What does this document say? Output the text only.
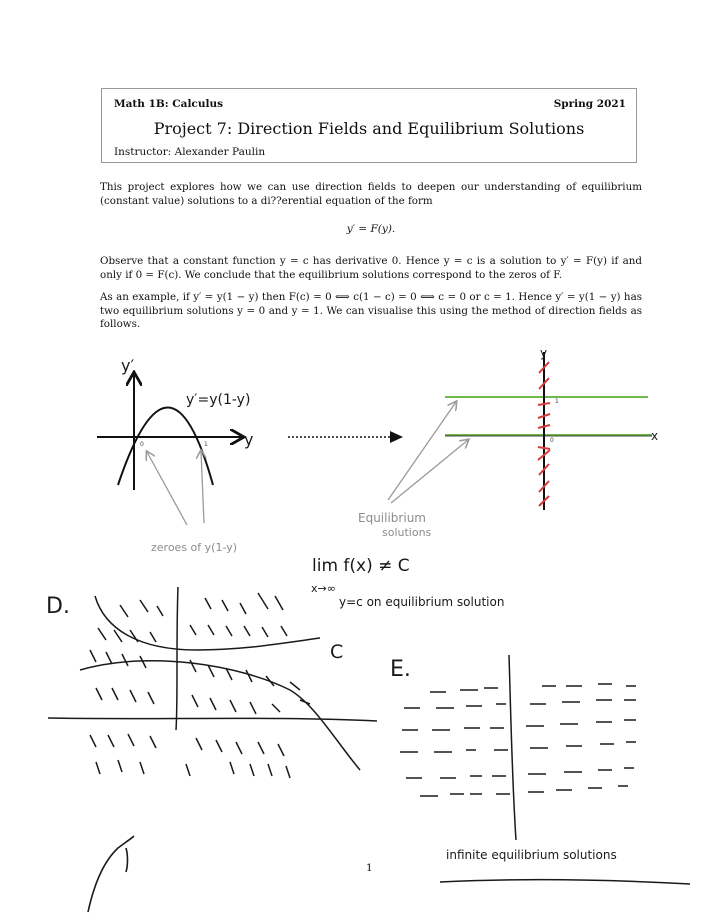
Math 1B: Calculus	Spring 2021
Project 7: Direction Fields and Equilibrium Solutions
Instructor: Alexander Paulin
This project explores how we can use direction fields to deepen our understanding of equilibrium (constant value) solutions to a di??erential equation of the form
y′ = F(y).
Observe that a constant function y = c has derivative 0. Hence y = c is a solution to y′ = F(y) if and only if 0 = F(c). We conclude that the equilibrium solutions correspond to the zeros of F.
As an example, if y′ = y(1 − y) then F(c) = 0 ⟺ c(1 − c) = 0 ⟺ c = 0 or c = 1. Hence y′ = y(1 − y) has two equilibrium solutions y = 0 and y = 1. We can visualise this using the method of direction fields as follows.
y′
y
y′=y(1-y)
0	1
zeroes of y(1-y)
y
x
1
0
Equilibrium
solutions
lim f(x) ≠ C
x→∞
y=c on equilibrium solution
D.
C
E.
infinite equilibrium solutions
1
